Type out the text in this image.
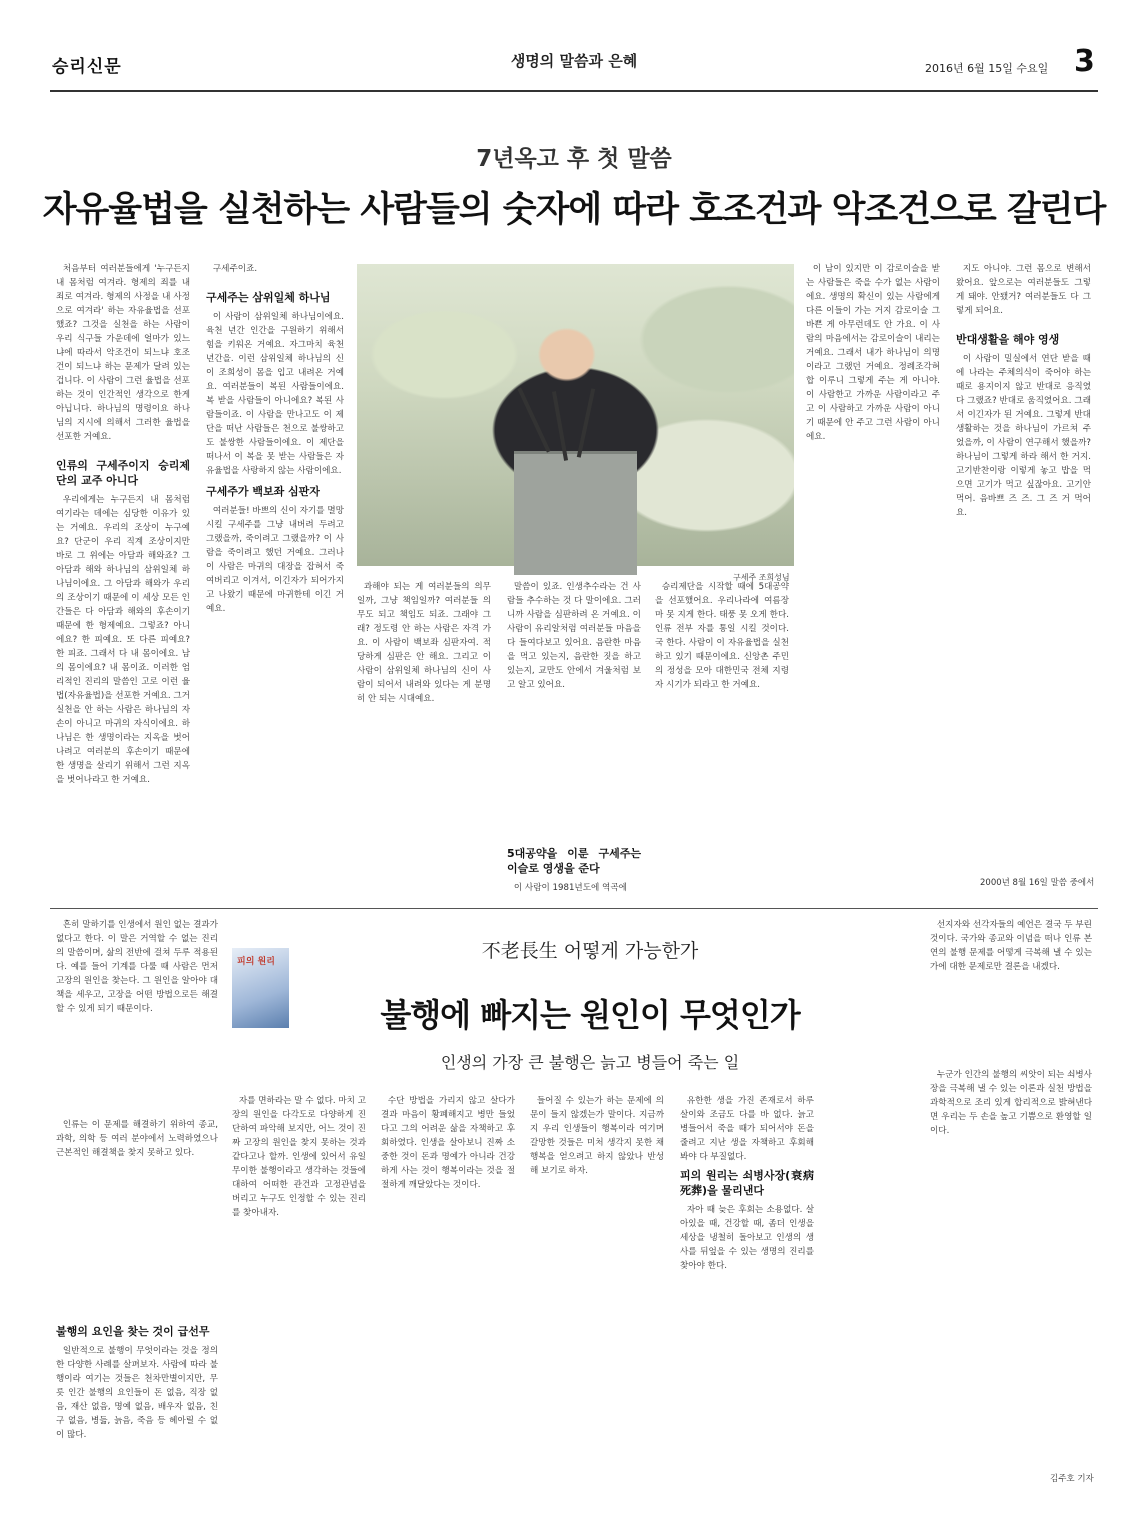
승리신문	생명의 말씀과 은혜	2016년 6월 15일 수요일 3
7년옥고 후 첫 말씀
자유율법을 실천하는 사람들의 숫자에 따라 호조건과 악조건으로 갈린다

처음부터 여러분들에게 '누구든지 내 몸처럼 여겨라. 형제의 죄를 내 죄로 여겨라. 형제의 사정을 내 사정으로 여겨라' 하는 자유율법을 선포했죠? 그것을 실천을 하는 사람이 우리 식구들 가운데에 얼마가 있느냐에 따라서 악조건이 되느냐 호조건이 되느냐 하는 문제가 달려 있는 겁니다. 이 사람이 그런 율법을 선포하는 것이 인간적인 생각으로 한게 아닙니다. 하나님의 명령이요 하나님의 지시에 의해서 그러한 율법을 선포한 거예요.

인류의 구세주이지 승리제단의 교주 아니다

우리에게는 누구든지 내 몸처럼 여기라는 데에는 심당한 이유가 있는 거예요. 우리의 조상이 누구예요? 단군이 우리 직계 조상이지만 바로 그 위에는 아담과 해와죠? 그 아담과 해와 하나님의 삼위일체 하나님이에요. 그 아담과 해와가 우리의 조상이기 때문에 이 세상 모든 인간들은 다 아담과 해와의 후손이기 때문에 한 형제예요. 그렇죠? 아니에요? 한 피예요. 또 다른 피예요? 한 피죠. 그래서 다 내 몸이에요. 남의 몸이에요? 내 몸이죠. 이러한 엄리적인 진리의 말씀인 고로 이런 율법(자유율법)을 선포한 거예요. 그거 실천을 안 하는 사람은 하나님의 자손이 아니고 마귀의 자식이에요. 하나님은 한 생명이라는 지옥을 벗어나려고 여러분의 후손이기 때문에 한 생명을 살리기 위해서 그런 지옥을 벗어나라고 한 거예요.

구세주이죠.

구세주는 삼위일체 하나님

이 사람이 삼위일체 하나님이에요. 육천 년간 인간을 구원하기 위해서 힘을 키워온 거예요. 자그마치 육천 년간을. 이런 삼위일체 하나님의 신이 조희성이 몸을 입고 내려온 거예요. 여러분들이 복된 사람들이에요. 복 받을 사람들이 아니에요? 복된 사람들이죠. 이 사람을 만나고도 이 제단을 떠난 사람들은 천으로 불쌍하고도 불쌍한 사람들이에요. 이 제단을 떠나서 이 복을 못 받는 사람들은 자유율법을 사랑하지 않는 사람이에요.

구세주가 백보좌 심판자

여러분들! 바쁘의 신이 자기를 멸망시킬 구세주를 그냥 내버려 두려고 그랬을까, 죽이려고 그랬을까? 이 사람을 죽이려고 했던 거예요. 그러나 이 사람은 마귀의 대장을 잡혀서 죽여버리고 이겨서, 이긴자가 되어가지고 나왔기 때문에 마귀한테 이긴 거예요.

구세주 조희성님

과해야 되는 게 여러분들의 의무일까, 그냥 책임일까? 여러분들 의무도 되고 책임도 되죠. 그래야 그래? 정도령 안 하는 사람은 자격 가요. 이 사람이 백보좌 심판자여. 적당하게 심판은 안 해요. 그리고 이 사람이 삼위일체 하나님의 신이 사람이 되어서 내려와 있다는 게 분명히 안 되는 시대예요.

말씀이 있죠. 인생추수라는 건 사람들 추수하는 것 다 말이에요. 그러니까 사람을 심판하려 온 거예요. 이 사람이 유리알처럼 여러분들 마음을 다 들여다보고 있어요. 음란한 마음을 먹고 있는지, 음란한 짓을 하고 있는지, 교만도 안에서 겨울처럼 보고 알고 있어요.

5대공약을 이룬 구세주는 이슬로 영생을 준다

이 사람이 1981년도에 역곡에

승리제단을 시작할 때에 5대공약을 선포했어요. 우리나라에 여름장마 못 지게 한다. 태풍 못 오게 한다. 인류 전부 자를 통일 시킬 것이다. 국 한다. 사람이 이 자유율법을 실천하고 있기 때문이에요. 신앙촌 주민의 정성을 모아 대한민국 전체 지령자 시기가 되라고 한 거예요.

이 남이 있지만 이 감로이슬을 받는 사람들은 죽을 수가 없는 사람이에요. 생명의 확신이 있는 사람에게 다른 이들이 가는 거지 감로이슬 그 바쁜 게 아무런데도 안 가요. 이 사람의 마음에서는 감로이슬이 내리는 거예요. 그래서 내가 하나님이 의명이라고 그랬던 거예요. 정례조각혀합 이루니 그렇게 주는 게 아니야. 이 사람한고 가까운 사람이라고 주고 이 사람하고 가까운 사람이 아니기 때문에 안 주고 그런 사람이 아니에요.

지도 아니야. 그런 몸으로 변해서 왔어요. 앞으로는 여러분들도 그렇게 돼야. 안됐거? 여러분들도 다 그렇게 되어요.

반대생활을 해야 영생

이 사람이 밀실에서 연단 받을 때에 나라는 주체의식이 죽어야 하는 때로 용지이지 않고 반대로 응직였다 그랬죠? 반대로 움직였어요. 그래서 이긴자가 된 거예요. 그렇게 반대생활하는 것을 하나님이 가르쳐 주었을까, 이 사람이 연구해서 했을까? 하나님이 그렇게 하라 해서 한 거지. 고기반찬이랑 이렇게 놓고 밥을 먹으면 고기가 먹고 싶잖아요. 고기안 먹어. 음바쁘 즈 즈. 그 즈 거 먹어요.

2000년 8월 16일 말씀 중에서

흔히 말하기를 인생에서 원인 없는 결과가 없다고 한다. 이 말은 거역할 수 없는 진리의 말씀이며, 삶의 전반에 걸쳐 두루 적용된다. 예를 들어 기계를 다룰 때 사람은 먼저 고장의 원인을 찾는다. 그 원인을 알아야 대책을 세우고, 고장을 어떤 방법으로든 해결할 수 있게 되기 때문이다.

인류는 이 문제를 해결하기 위하여 종교, 과학, 의학 등 여러 분야에서 노력하였으나 근본적인 해결책을 찾지 못하고 있다.

불행의 요인을 찾는 것이 급선무

일반적으로 불행이 무엇이라는 것을 정의한 다양한 사례를 살펴보자. 사람에 따라 불행이라 여기는 것들은 천차만별이지만, 무릇 인간 불행의 요인들이 돈 없음, 직장 없음, 재산 없음, 명예 없음, 배우자 없음, 친구 없음, 병듦, 늙음, 죽음 등 헤아릴 수 없이 많다.

피의 원리	不老長生 어떻게 가능한가
불행에 빠지는 원인이 무엇인가
인생의 가장 큰 불행은 늙고 병들어 죽는 일

자를 면하라는 말 수 없다. 마치 고장의 원인을 다각도로 다양하게 진단하여 파악해 보지만, 어느 것이 진짜 고장의 원인을 찾지 못하는 것과 같다고나 할까. 인생에 있어서 유일무이한 불행이라고 생각하는 것들에 대하여 어떠한 관건과 고정관념을 버리고 누구도 인정할 수 있는 진리를 찾아내자.

수단 방법을 가리지 않고 살다가 결과 마음이 황폐해지고 병만 들었다고 그의 어려운 삶을 자책하고 후회하였다. 인생을 살아보니 진짜 소중한 것이 돈과 명예가 아니라 건강하게 사는 것이 행복이라는 것을 절절하게 깨달았다는 것이다.

들어질 수 있는가 하는 문제에 의문이 들지 않겠는가 말이다. 지금까지 우리 인생들이 행복이라 여기며 갈망한 것들은 미처 생각지 못한 채 행복을 얻으려고 하지 않았나 반성해 보기로 하자.

유한한 생을 가진 존재로서 하루살이와 조금도 다를 바 없다. 늙고 병들어서 죽을 때가 되어서야 돈을 줄려고 지난 생을 자책하고 후회해봐야 다 부질없다.

피의 원리는 쇠병사장(衰病死葬)을 물리낸다

자아 때 늦은 후회는 소용없다. 살아있을 때, 건강할 때, 좀더 인생을 세상을 냉철히 돌아보고 인생의 생사를 뒤엎을 수 있는 생명의 진리를 찾아야 한다.

선지자와 선각자들의 예언은 결국 두 부린 것이다. 국가와 종교와 이념을 떠나 인류 본연의 불행 문제를 어떻게 극복해 낼 수 있는가에 대한 문제로만 결론을 내겠다.

누군가 인간의 불행의 씨앗이 되는 쇠병사장을 극복해 낼 수 있는 이론과 실천 방법을 과학적으로 조리 있게 합리적으로 밝혀낸다면 우리는 두 손을 높고 기쁨으로 환영할 일이다.

김주호 기자
